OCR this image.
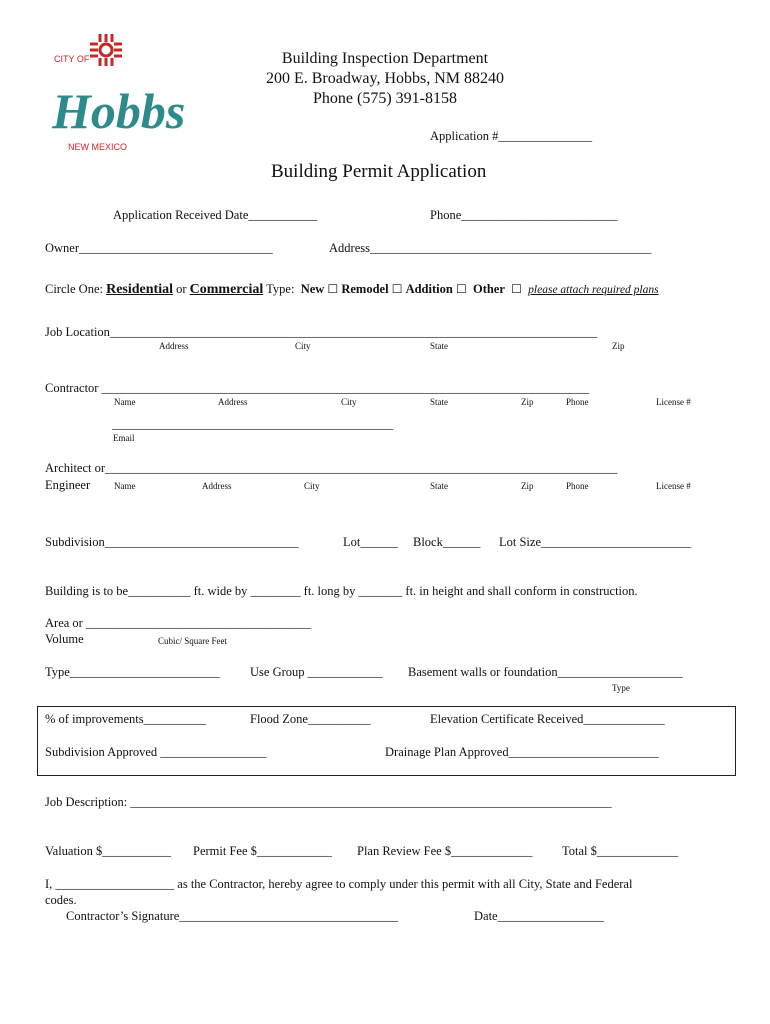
CITY OF
Hobbs
NEW MEXICO
Building Inspection Department
200 E. Broadway, Hobbs, NM 88240
Phone (575) 391-8158
Application #_______________
Building Permit Application
Application Received Date___________	Phone_________________________
Owner_______________________________	Address_____________________________________________
Circle One: Residential or Commercial Type: New ☐ Remodel ☐ Addition ☐ Other ☐ please attach required plans
Job Location______________________________________________________________________________
Address	City	State	Zip
Contractor ______________________________________________________________________________
Name	Address	City	State	Zip	Phone	License #
_____________________________________________
Email
Architect or__________________________________________________________________________________
Engineer	Name	Address	City	State	Zip	Phone	License #
Subdivision_______________________________	Lot______ Block______ Lot Size________________________
Building is to be__________ ft. wide by ________ ft. long by _______ ft. in height and shall conform in construction.
Area or ____________________________________
Volume	Cubic/ Square Feet
Type________________________ Use Group ____________ Basement walls or foundation____________________
Type
% of improvements__________	Flood Zone__________	Elevation Certificate Received_____________
Subdivision Approved _________________	Drainage Plan Approved________________________
Job Description: _____________________________________________________________________________
Valuation $___________ Permit Fee $____________ Plan Review Fee $_____________ Total $_____________
I, ___________________ as the Contractor, hereby agree to comply under this permit with all City, State and Federal
codes.
Contractor’s Signature___________________________________	Date_________________
